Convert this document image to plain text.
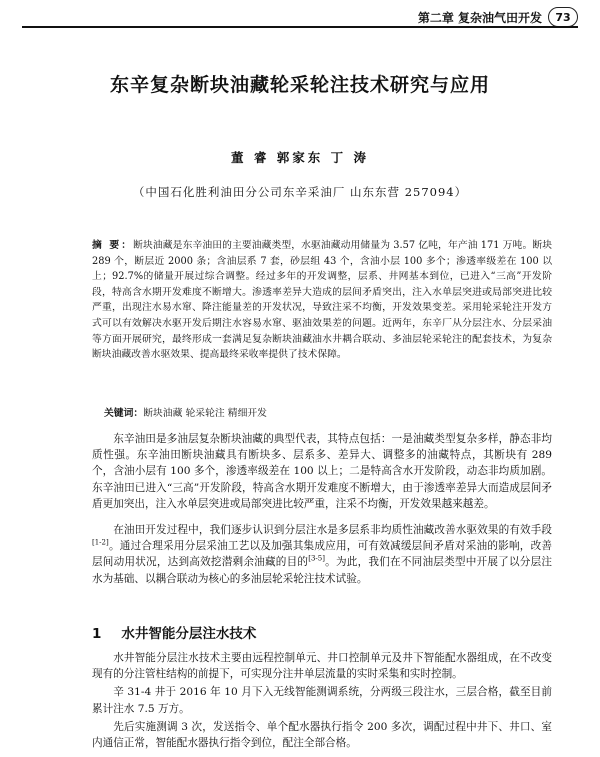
第二章 复杂油气田开发	73
东辛复杂断块油藏轮采轮注技术研究与应用
董 睿 郭家东 丁 涛
（中国石化胜利油田分公司东辛采油厂 山东东营 257094）
摘 要：断块油藏是东辛油田的主要油藏类型，水驱油藏动用储量为 3.57 亿吨，年产油 171 万吨。断块 289 个，断层近 2000 条；含油层系 7 套，砂层组 43 个，含油小层 100 多个；渗透率级差在 100 以上；92.7%的储量开展过综合调整。经过多年的开发调整，层系、井网基本到位，已进入“三高”开发阶段，特高含水期开发难度不断增大。渗透率差异大造成的层间矛盾突出，注入水单层突进或局部突进比较严重，出现注水易水窜、降注能量差的开发状况，导致注采不均衡，开发效果变差。采用轮采轮注开发方式可以有效解决水驱开发后期注水容易水窜、驱油效果差的问题。近两年，东辛厂从分层注水、分层采油等方面开展研究，最终形成一套满足复杂断块油藏油水井耦合联动、多油层轮采轮注的配套技术，为复杂断块油藏改善水驱效果、提高最终采收率提供了技术保障。
关键词：断块油藏 轮采轮注 精细开发

东辛油田是多油层复杂断块油藏的典型代表，其特点包括：一是油藏类型复杂多样，静态非均质性强。东辛油田断块油藏具有断块多、层系多、差异大、调整多的油藏特点，其断块有 289 个，含油小层有 100 多个，渗透率级差在 100 以上；二是特高含水开发阶段，动态非均质加剧。东辛油田已进入“三高”开发阶段，特高含水期开发难度不断增大，由于渗透率差异大而造成层间矛盾更加突出，注入水单层突进或局部突进比较严重，注采不均衡，开发效果越来越差。

在油田开发过程中，我们逐步认识到分层注水是多层系非均质性油藏改善水驱效果的有效手段[1-2]。通过合理采用分层采油工艺以及加强其集成应用，可有效减缓层间矛盾对采油的影响，改善层间动用状况，达到高效挖潜剩余油藏的目的[3-5]。为此，我们在不同油层类型中开展了以分层注水为基础、以耦合联动为核心的多油层轮采轮注技术试验。

1 水井智能分层注水技术

水井智能分层注水技术主要由远程控制单元、井口控制单元及井下智能配水器组成，在不改变现有的分注管柱结构的前提下，可实现分注井单层流量的实时采集和实时控制。

辛 31-4 井于 2016 年 10 月下入无线智能测调系统，分两级三段注水，三层合格，截至目前累计注水 7.5 万方。

先后实施测调 3 次，发送指令、单个配水器执行指令 200 多次，调配过程中井下、井口、室内通信正常，智能配水器执行指令到位，配注全部合格。
